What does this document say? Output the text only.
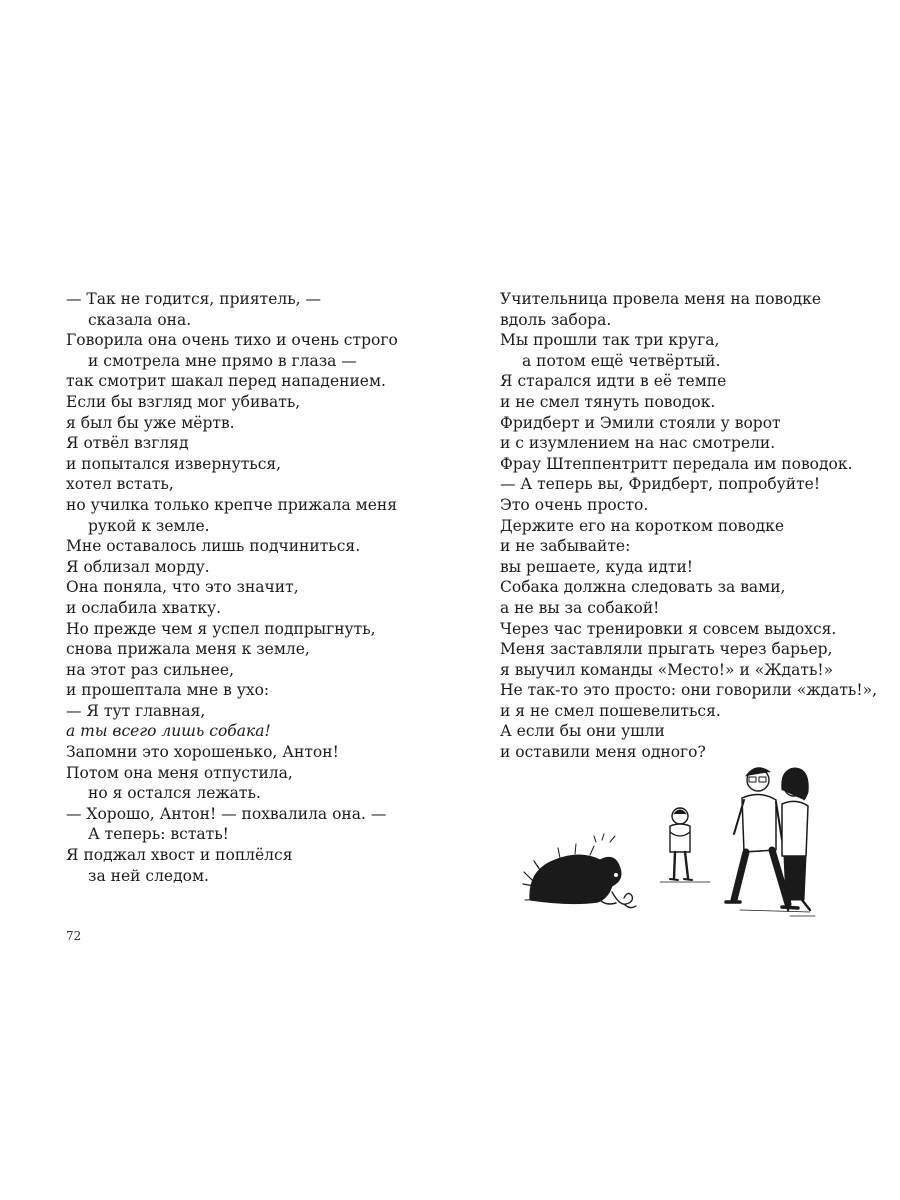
— Так не годится, приятель, —
сказала она.
Говорила она очень тихо и очень строго
и смотрела мне прямо в глаза —
так смотрит шакал перед нападением.
Если бы взгляд мог убивать,
я был бы уже мёртв.
Я отвёл взгляд
и попытался извернуться,
хотел встать,
но училка только крепче прижала меня
рукой к земле.
Мне оставалось лишь подчиниться.
Я облизал морду.
Она поняла, что это значит,
и ослабила хватку.
Но прежде чем я успел подпрыгнуть,
снова прижала меня к земле,
на этот раз сильнее,
и прошептала мне в ухо:
— Я тут главная,
а ты всего лишь собака!
Запомни это хорошенько, Антон!
Потом она меня отпустила,
но я остался лежать.
— Хорошо, Антон! — похвалила она. —
А теперь: встать!
Я поджал хвост и поплёлся
за ней следом.
Учительница провела меня на поводке
вдоль забора.
Мы прошли так три круга,
а потом ещё четвёртый.
Я старался идти в её темпе
и не смел тянуть поводок.
Фридберт и Эмили стояли у ворот
и с изумлением на нас смотрели.
Фрау Штеппентритт передала им поводок.
— А теперь вы, Фридберт, попробуйте!
Это очень просто.
Держите его на коротком поводке
и не забывайте:
вы решаете, куда идти!
Собака должна следовать за вами,
а не вы за собакой!
Через час тренировки я совсем выдохся.
Меня заставляли прыгать через барьер,
я выучил команды «Место!» и «Ждать!»
Не так-то это просто: они говорили «ждать!»,
и я не смел пошевелиться.
А если бы они ушли
и оставили меня одного?
72
